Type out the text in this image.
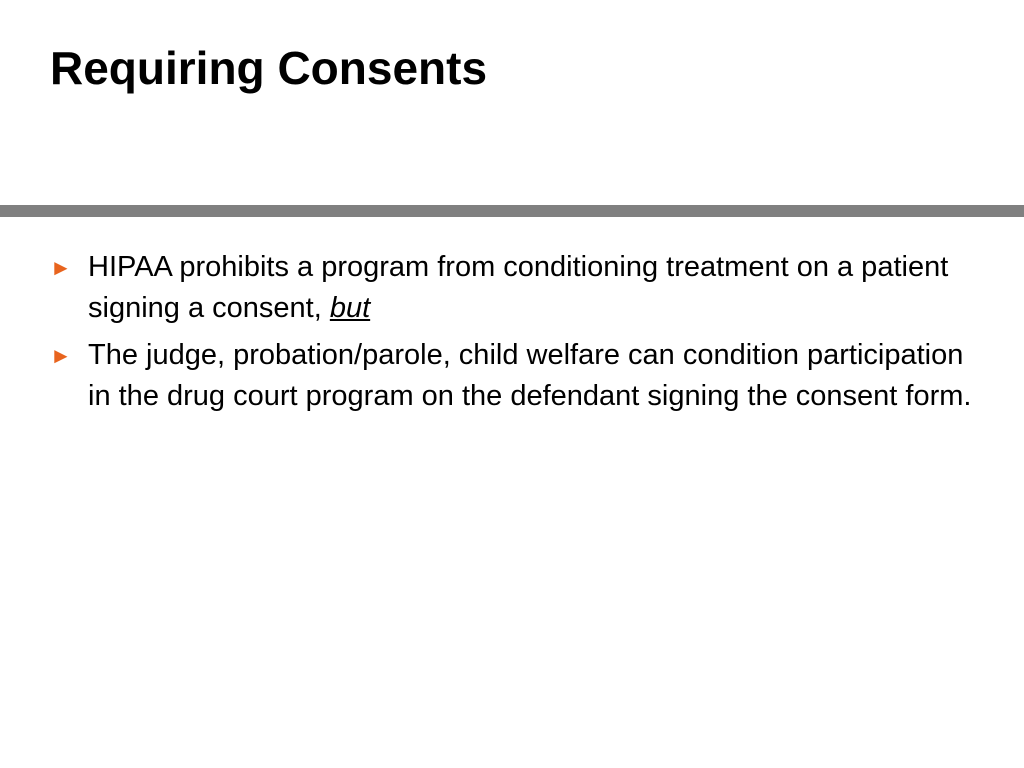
Requiring Consents
► HIPAA prohibits a program from conditioning treatment on a patient signing a consent, but
► The judge, probation/parole, child welfare can condition participation in the drug court program on the defendant signing the consent form.
